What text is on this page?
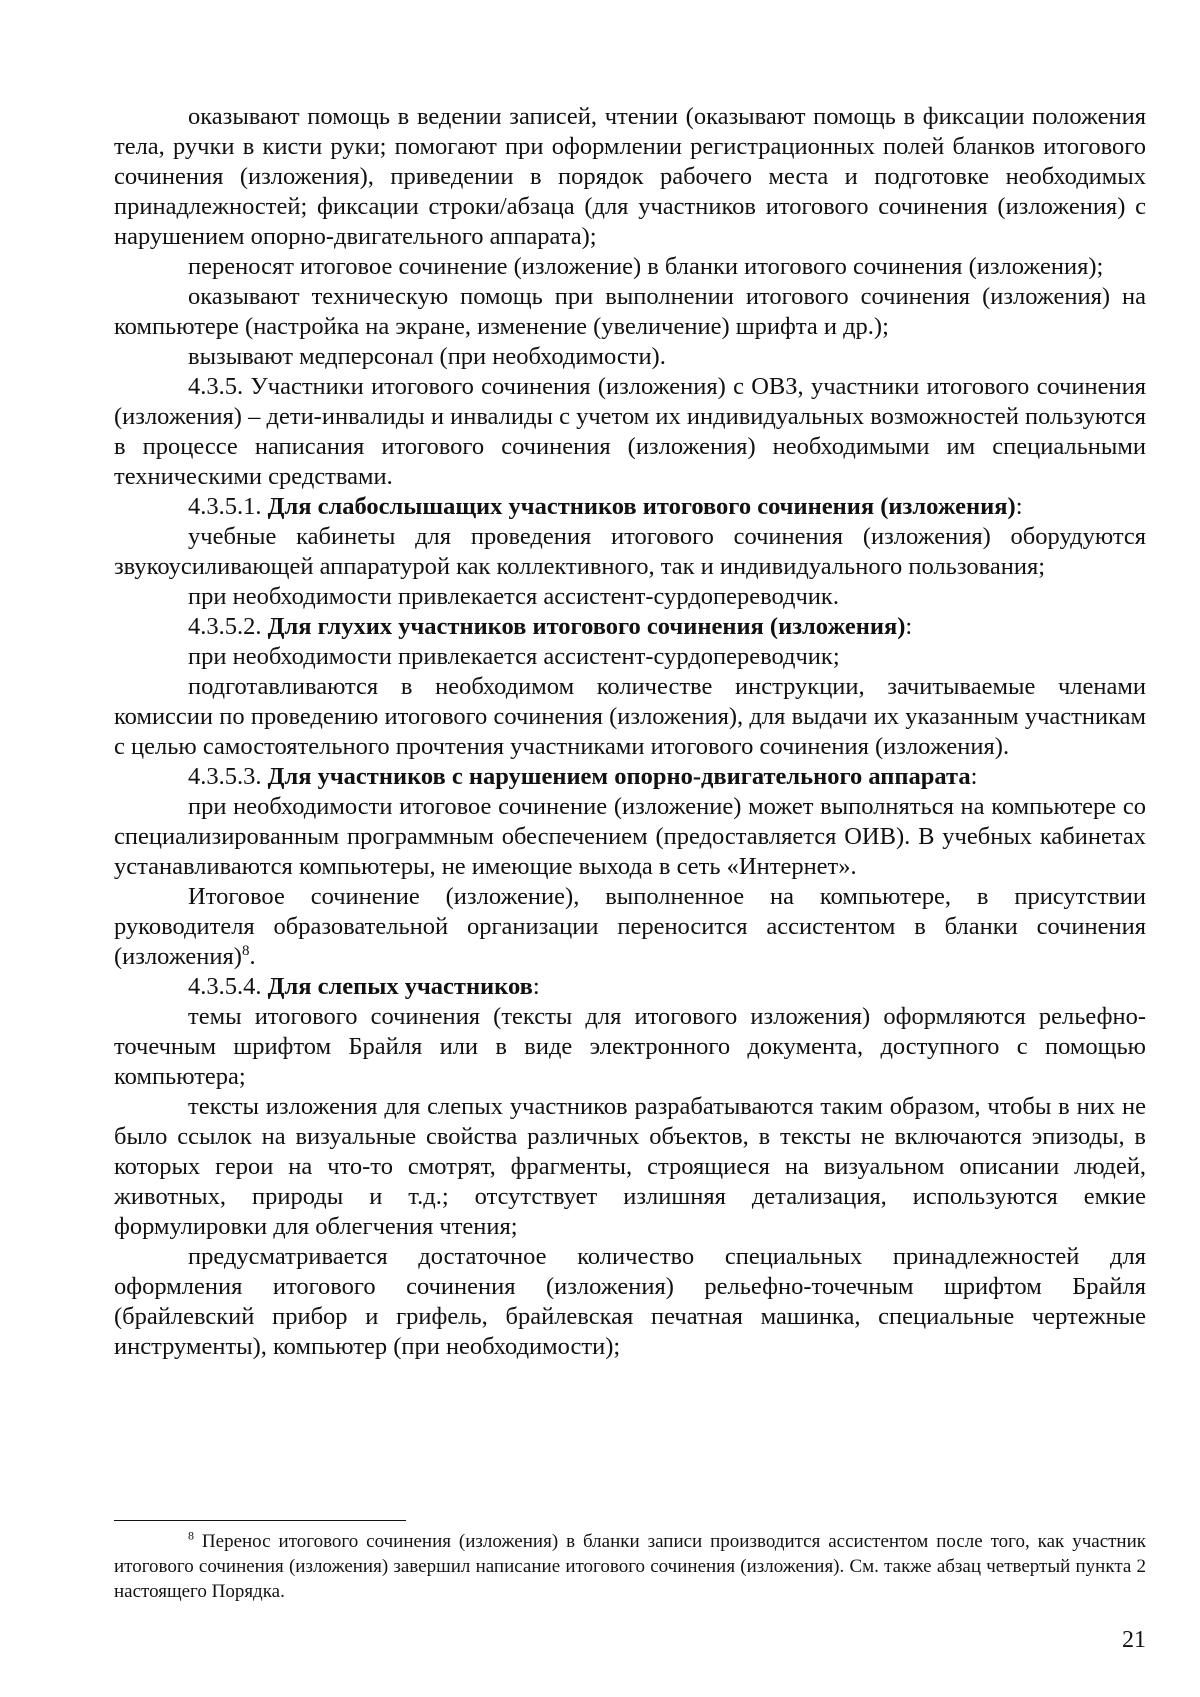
оказывают помощь в ведении записей, чтении (оказывают помощь в фиксации положения тела, ручки в кисти руки; помогают при оформлении регистрационных полей бланков итогового сочинения (изложения), приведении в порядок рабочего места и подготовке необходимых принадлежностей; фиксации строки/абзаца (для участников итогового сочинения (изложения) с нарушением опорно-двигательного аппарата);

переносят итоговое сочинение (изложение) в бланки итогового сочинения (изложения);

оказывают техническую помощь при выполнении итогового сочинения (изложения) на компьютере (настройка на экране, изменение (увеличение) шрифта и др.);

вызывают медперсонал (при необходимости).

4.3.5. Участники итогового сочинения (изложения) с ОВЗ, участники итогового сочинения (изложения) – дети-инвалиды и инвалиды с учетом их индивидуальных возможностей пользуются в процессе написания итогового сочинения (изложения) необходимыми им специальными техническими средствами.

4.3.5.1. Для слабослышащих участников итогового сочинения (изложения):

учебные кабинеты для проведения итогового сочинения (изложения) оборудуются звукоусиливающей аппаратурой как коллективного, так и индивидуального пользования;

при необходимости привлекается ассистент-сурдопереводчик.

4.3.5.2. Для глухих участников итогового сочинения (изложения):

при необходимости привлекается ассистент-сурдопереводчик;

подготавливаются в необходимом количестве инструкции, зачитываемые членами комиссии по проведению итогового сочинения (изложения), для выдачи их указанным участникам с целью самостоятельного прочтения участниками итогового сочинения (изложения).

4.3.5.3. Для участников с нарушением опорно-двигательного аппарата:

при необходимости итоговое сочинение (изложение) может выполняться на компьютере со специализированным программным обеспечением (предоставляется ОИВ). В учебных кабинетах устанавливаются компьютеры, не имеющие выхода в сеть «Интернет».

Итоговое сочинение (изложение), выполненное на компьютере, в присутствии руководителя образовательной организации переносится ассистентом в бланки сочинения (изложения)$^8$.

4.3.5.4. Для слепых участников:

темы итогового сочинения (тексты для итогового изложения) оформляются рельефно-точечным шрифтом Брайля или в виде электронного документа, доступного с помощью компьютера;

тексты изложения для слепых участников разрабатываются таким образом, чтобы в них не было ссылок на визуальные свойства различных объектов, в тексты не включаются эпизоды, в которых герои на что-то смотрят, фрагменты, строящиеся на визуальном описании людей, животных, природы и т.д.; отсутствует излишняя детализация, используются емкие формулировки для облегчения чтения;

предусматривается достаточное количество специальных принадлежностей для оформления итогового сочинения (изложения) рельефно-точечным шрифтом Брайля (брайлевский прибор и грифель, брайлевская печатная машинка, специальные чертежные инструменты), компьютер (при необходимости);

$^8$ Перенос итогового сочинения (изложения) в бланки записи производится ассистентом после того, как участник итогового сочинения (изложения) завершил написание итогового сочинения (изложения). См. также абзац четвертый пункта 2 настоящего Порядка.

21
